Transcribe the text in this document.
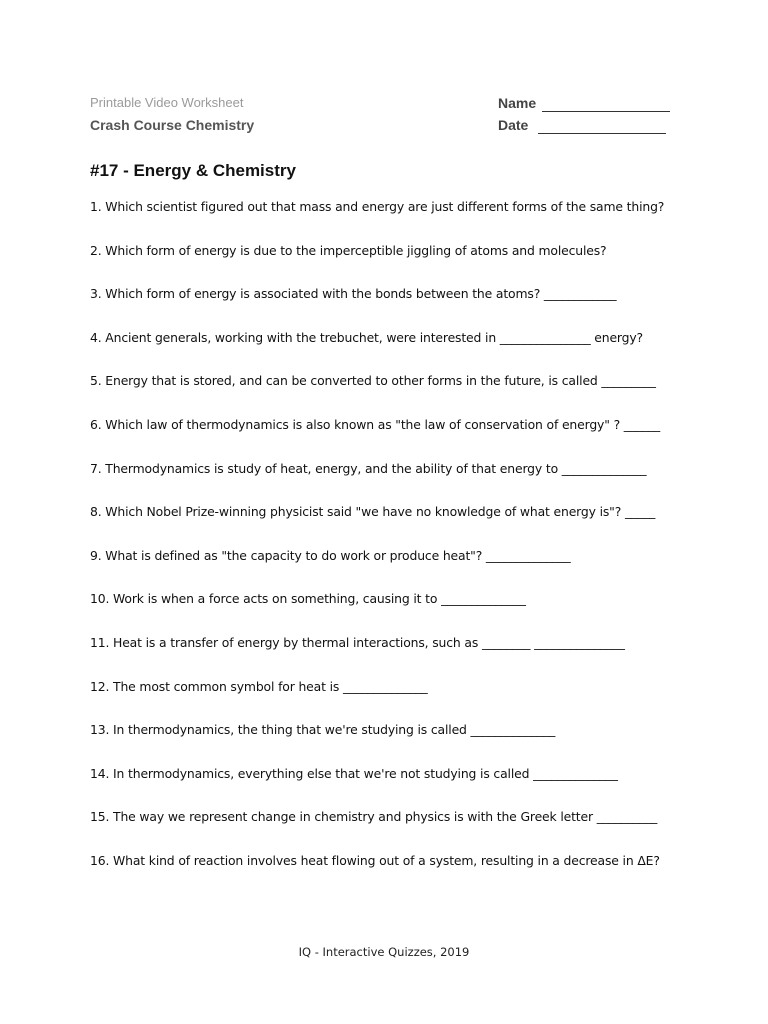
Printable Video Worksheet
Crash Course Chemistry
Name
Date
#17 - Energy & Chemistry
1. Which scientist figured out that mass and energy are just different forms of the same thing?
2. Which form of energy is due to the imperceptible jiggling of atoms and molecules?
3. Which form of energy is associated with the bonds between the atoms? ____________
4. Ancient generals, working with the trebuchet, were interested in _______________ energy?
5. Energy that is stored, and can be converted to other forms in the future, is called _________
6. Which law of thermodynamics is also known as "the law of conservation of energy" ? ______
7. Thermodynamics is study of heat, energy, and the ability of that energy to ______________
8. Which Nobel Prize-winning physicist said "we have no knowledge of what energy is"? _____
9. What is defined as "the capacity to do work or produce heat"? ______________
10. Work is when a force acts on something, causing it to ______________
11. Heat is a transfer of energy by thermal interactions, such as ________ _______________
12. The most common symbol for heat is ______________
13. In thermodynamics, the thing that we're studying is called ______________
14. In thermodynamics, everything else that we're not studying is called ______________
15. The way we represent change in chemistry and physics is with the Greek letter __________
16. What kind of reaction involves heat flowing out of a system, resulting in a decrease in ΔE?
IQ - Interactive Quizzes, 2019
